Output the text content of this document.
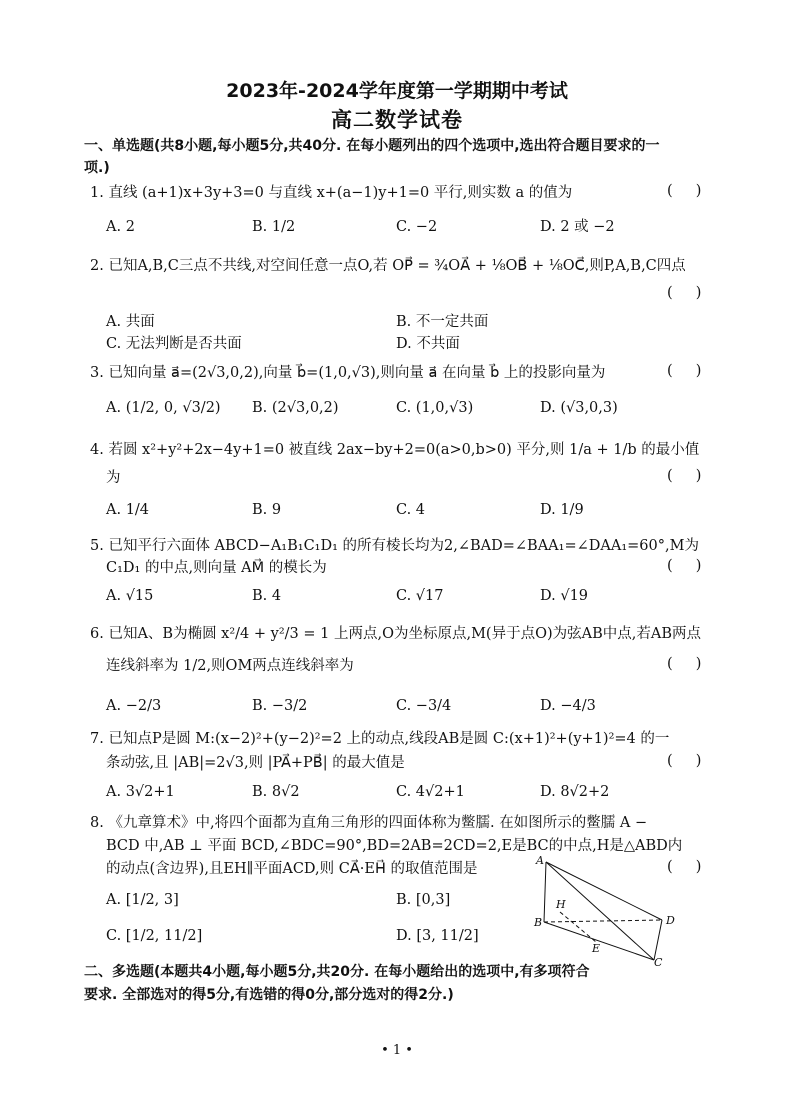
2023年-2024学年度第一学期期中考试
高二数学试卷
一、单选题(共8小题,每小题5分,共40分. 在每小题列出的四个选项中,选出符合题目要求的一
项.)
1. 直线 (a+1)x+3y+3=0 与直线 x+(a−1)y+1=0 平行,则实数 a 的值为	(     )
A. 2	B. 1/2	C. −2	D. 2 或 −2
2. 已知A,B,C三点不共线,对空间任意一点O,若 OP⃗ = ¾OA⃗ + ⅛OB⃗ + ⅛OC⃗,则P,A,B,C四点
(     )
A. 共面	B. 不一定共面
C. 无法判断是否共面	D. 不共面
3. 已知向量 a⃗=(2√3,0,2),向量 b⃗=(1,0,√3),则向量 a⃗ 在向量 b⃗ 上的投影向量为	(     )
A. (1/2, 0, √3/2) B. (2√3,0,2)	C. (1,0,√3)	D. (√3,0,3)
4. 若圆 x²+y²+2x−4y+1=0 被直线 2ax−by+2=0(a>0,b>0) 平分,则 1/a + 1/b 的最小值
为	(     )
A. 1/4	B. 9	C. 4	D. 1/9
5. 已知平行六面体 ABCD−A₁B₁C₁D₁ 的所有棱长均为2,∠BAD=∠BAA₁=∠DAA₁=60°,M为
C₁D₁ 的中点,则向量 AM⃗ 的模长为	(     )
A. √15	B. 4	C. √17	D. √19
6. 已知A、B为椭圆 x²/4 + y²/3 = 1 上两点,O为坐标原点,M(异于点O)为弦AB中点,若AB两点
连线斜率为 1/2,则OM两点连线斜率为	(     )
A. −2/3	B. −3/2	C. −3/4	D. −4/3
7. 已知点P是圆 M:(x−2)²+(y−2)²=2 上的动点,线段AB是圆 C:(x+1)²+(y+1)²=4 的一
条动弦,且 |AB|=2√3,则 |PA⃗+PB⃗| 的最大值是	(     )
A. 3√2+1	B. 8√2	C. 4√2+1	D. 8√2+2
8. 《九章算术》中,将四个面都为直角三角形的四面体称为鳖臑. 在如图所示的鳖臑 A −
BCD 中,AB ⊥ 平面 BCD,∠BDC=90°,BD=2AB=2CD=2,E是BC的中点,H是△ABD内
的动点(含边界),且EH∥平面ACD,则 CA⃗·EH⃗ 的取值范围是	(     )
A. [1/2, 3]	B. [0,3]
C. [1/2, 11/2]	D. [3, 11/2]
A
B	D
C
H
E
二、多选题(本题共4小题,每小题5分,共20分. 在每小题给出的选项中,有多项符合
要求. 全部选对的得5分,有选错的得0分,部分选对的得2分.)
• 1 •
